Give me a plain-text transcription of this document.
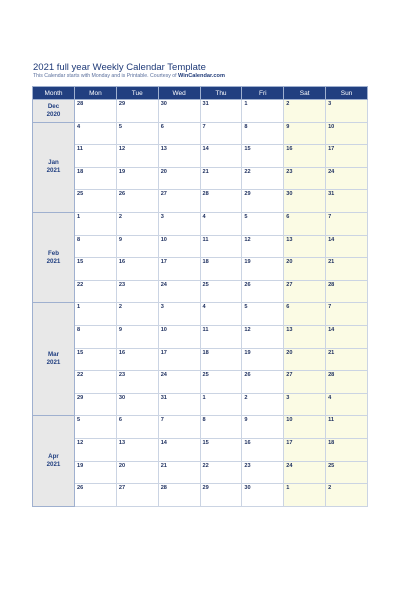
2021 full year Weekly Calendar Template
This Calendar starts with Monday and is Printable. Courtesy of WinCalendar.com
Month	Mon	Tue	Wed	Thu	Fri	Sat	Sun

Dec
2020	28	29	30	31	1	2	3

Jan
2021	4	5	6	7	8	9	10
	11	12	13	14	15	16	17
	18	19	20	21	22	23	24
	25	26	27	28	29	30	31

Feb
2021	1	2	3	4	5	6	7
	8	9	10	11	12	13	14
	15	16	17	18	19	20	21
	22	23	24	25	26	27	28

Mar
2021	1	2	3	4	5	6	7
	8	9	10	11	12	13	14
	15	16	17	18	19	20	21
	22	23	24	25	26	27	28
	29	30	31	1	2	3	4

Apr
2021	5	6	7	8	9	10	11
	12	13	14	15	16	17	18
	19	20	21	22	23	24	25
	26	27	28	29	30	1	2
